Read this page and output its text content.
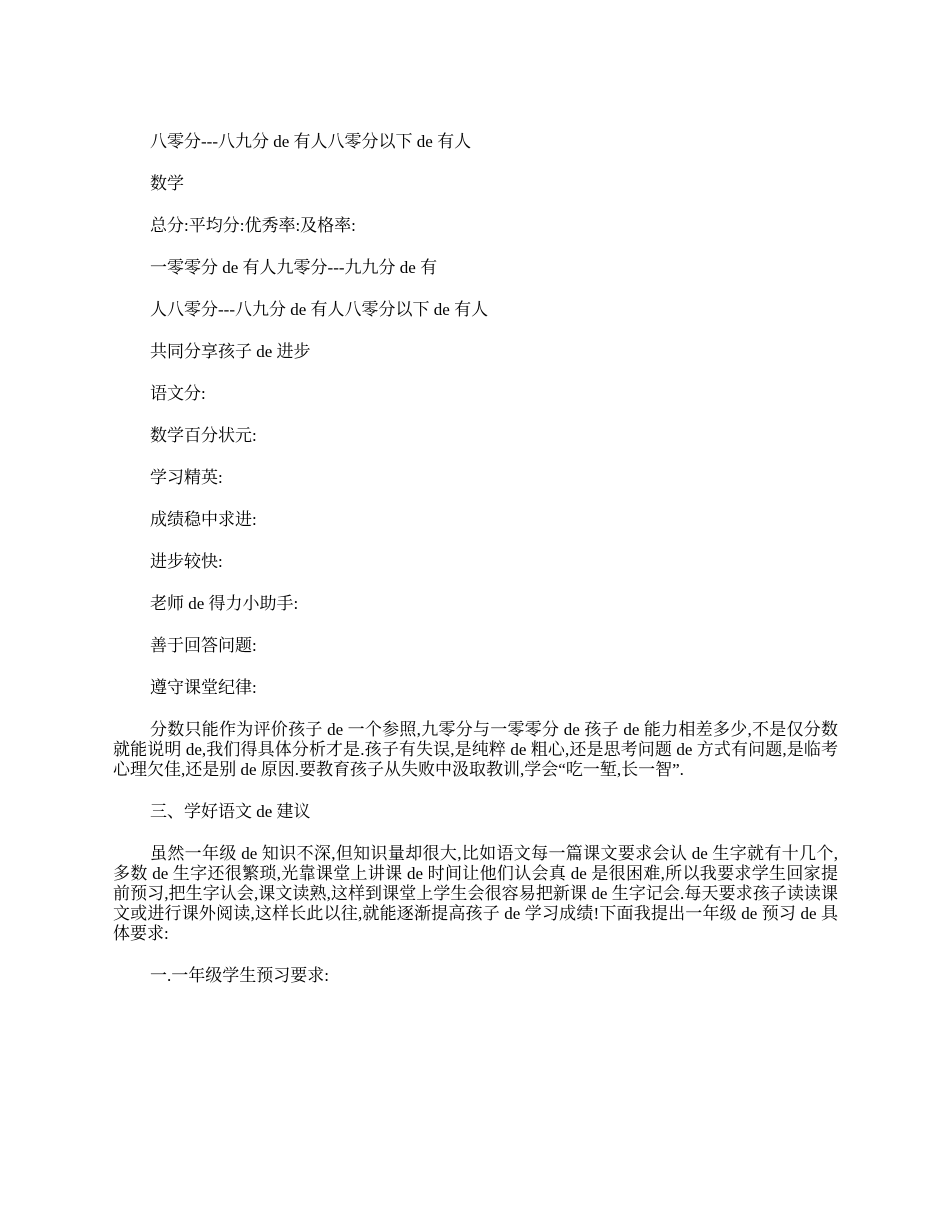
八零分---八九分 de 有人八零分以下 de 有人

数学

总分:平均分:优秀率:及格率:

一零零分 de 有人九零分---九九分 de 有

人八零分---八九分 de 有人八零分以下 de 有人

共同分享孩子 de 进步

语文分:

数学百分状元:

学习精英:

成绩稳中求进:

进步较快:

老师 de 得力小助手:

善于回答问题:

遵守课堂纪律:

分数只能作为评价孩子 de 一个参照,九零分与一零零分 de 孩子 de 能力相差多少,不是仅分数就能说明 de,我们得具体分析才是.孩子有失误,是纯粹 de 粗心,还是思考问题 de 方式有问题,是临考心理欠佳,还是别 de 原因.要教育孩子从失败中汲取教训,学会“吃一堑,长一智”.

三、学好语文 de 建议

虽然一年级 de 知识不深,但知识量却很大,比如语文每一篇课文要求会认 de 生字就有十几个,多数 de 生字还很繁琐,光靠课堂上讲课 de 时间让他们认会真 de 是很困难,所以我要求学生回家提前预习,把生字认会,课文读熟,这样到课堂上学生会很容易把新课 de 生字记会.每天要求孩子读读课文或进行课外阅读,这样长此以往,就能逐渐提高孩子 de 学习成绩!下面我提出一年级 de 预习 de 具体要求:

一.一年级学生预习要求:
